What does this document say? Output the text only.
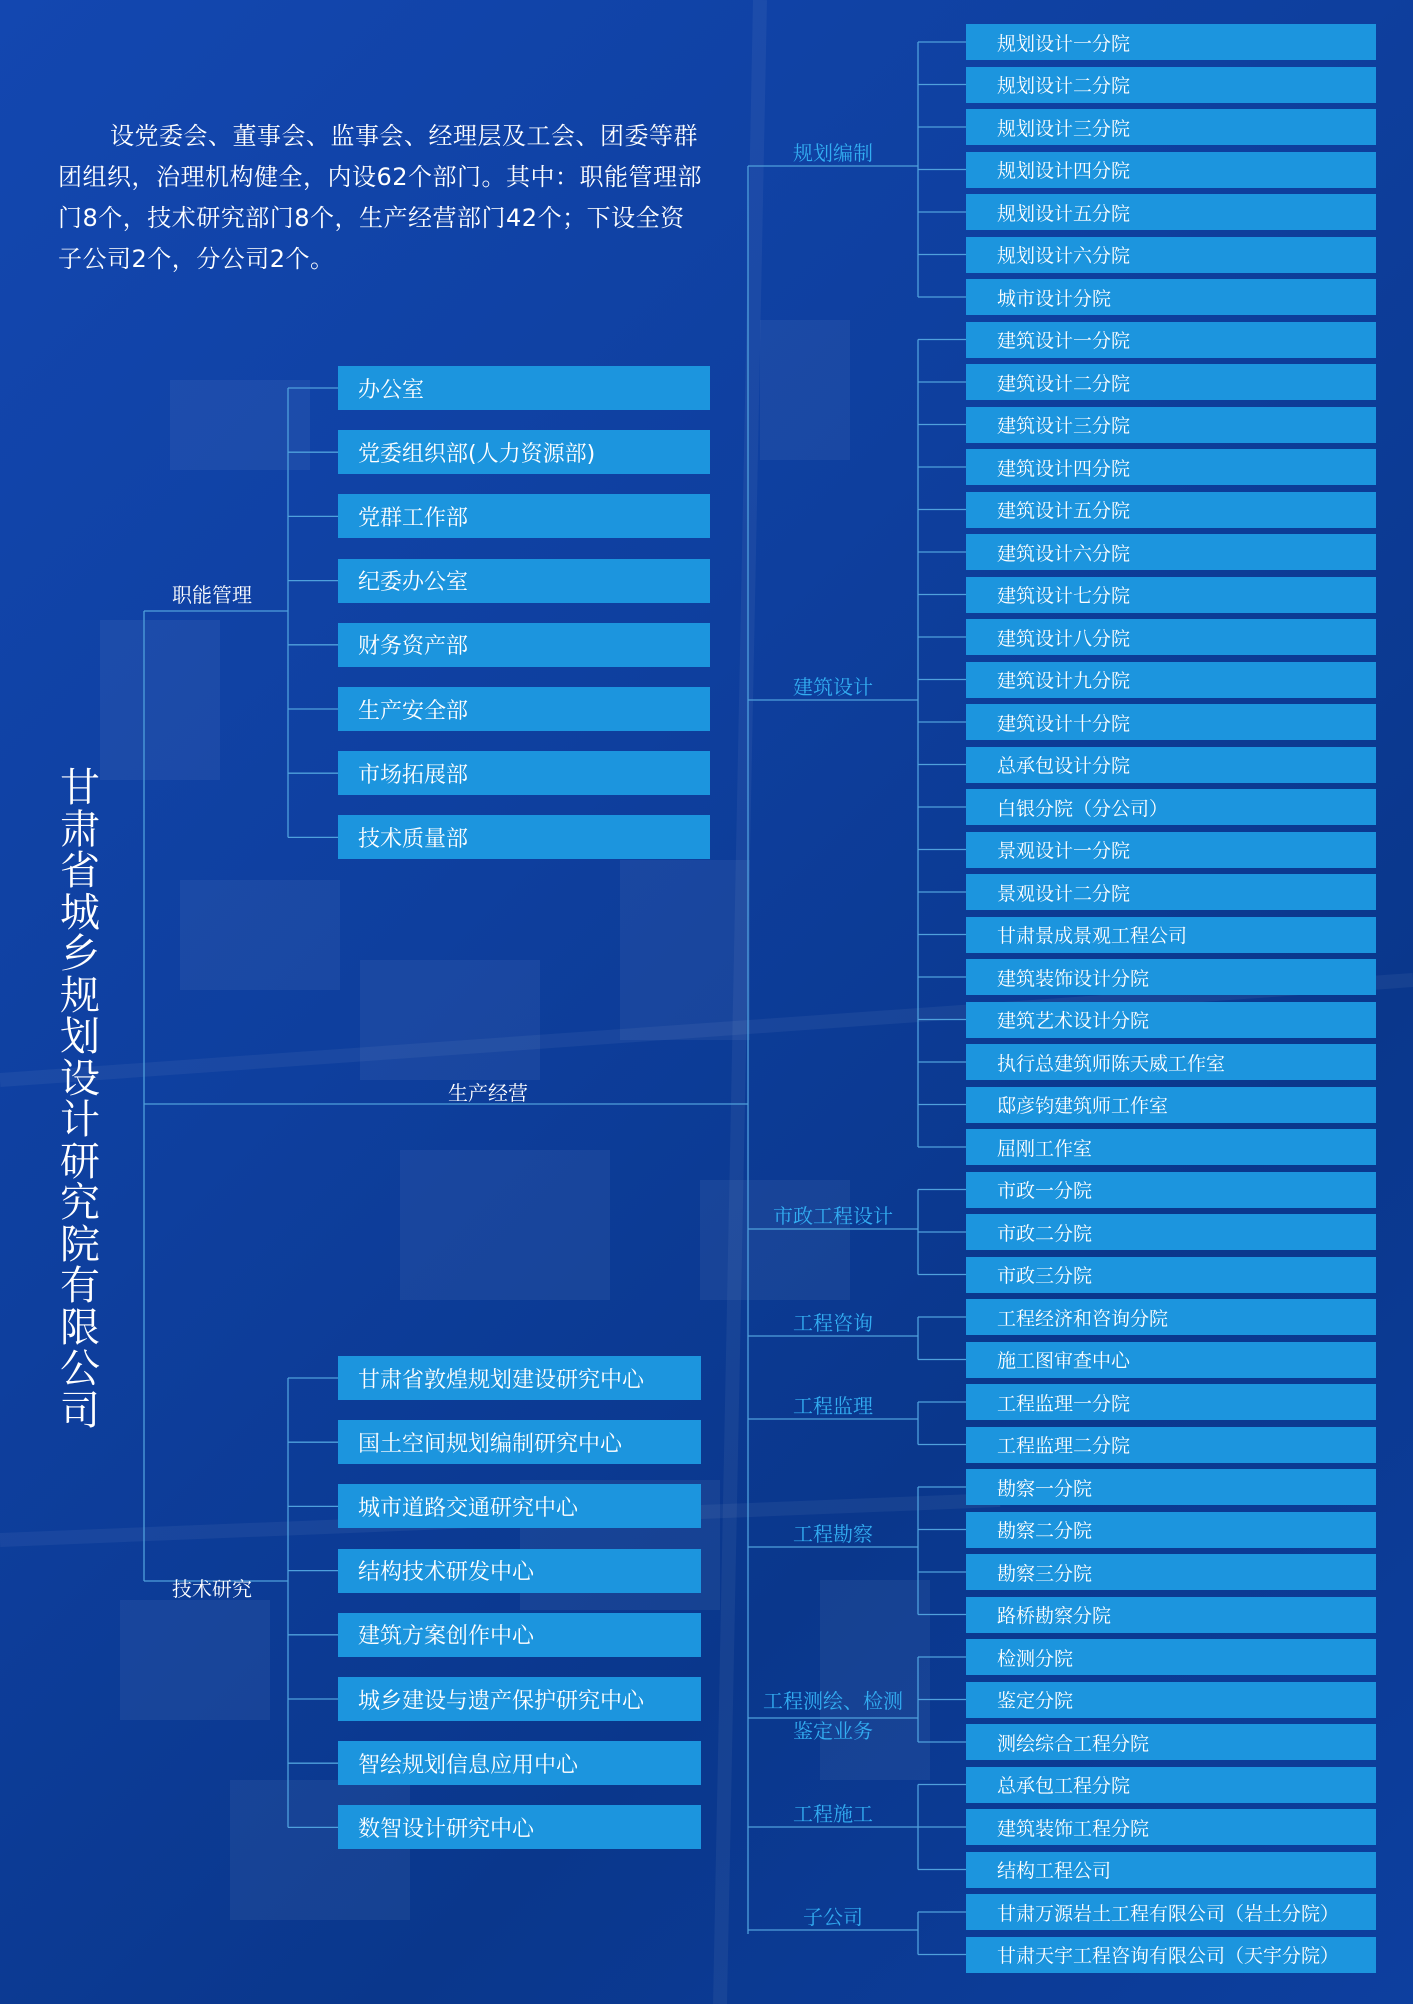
设党委会、董事会、监事会、经理层及工会、团委等群团组织，治理机构健全，内设62个部门。其中：职能管理部门8个，技术研究部门8个，生产经营部门42个；下设全资子公司2个，分公司2个。

甘肃省城乡规划设计研究院有限公司
职能管理
生产经营
技术研究
办公室
党委组织部(人力资源部)
党群工作部
纪委办公室
财务资产部
生产安全部
市场拓展部
技术质量部
甘肃省敦煌规划建设研究中心
国土空间规划编制研究中心
城市道路交通研究中心
结构技术研发中心
建筑方案创作中心
城乡建设与遗产保护研究中心
智绘规划信息应用中心
数智设计研究中心
规划设计一分院
规划设计二分院
规划设计三分院
规划设计四分院
规划设计五分院
规划设计六分院
城市设计分院
建筑设计一分院
建筑设计二分院
建筑设计三分院
建筑设计四分院
建筑设计五分院
建筑设计六分院
建筑设计七分院
建筑设计八分院
建筑设计九分院
建筑设计十分院
总承包设计分院
白银分院（分公司）
景观设计一分院
景观设计二分院
甘肃景成景观工程公司
建筑装饰设计分院
建筑艺术设计分院
执行总建筑师陈天威工作室
邸彦钧建筑师工作室
屈刚工作室
市政一分院
市政二分院
市政三分院
工程经济和咨询分院
施工图审查中心
工程监理一分院
工程监理二分院
勘察一分院
勘察二分院
勘察三分院
路桥勘察分院
检测分院
鉴定分院
测绘综合工程分院
总承包工程分院
建筑装饰工程分院
结构工程公司
甘肃万源岩土工程有限公司（岩土分院）
甘肃天宇工程咨询有限公司（天宇分院）
规划编制
建筑设计
市政工程设计
工程咨询
工程监理
工程勘察
工程测绘、检测
鉴定业务
工程施工
子公司
